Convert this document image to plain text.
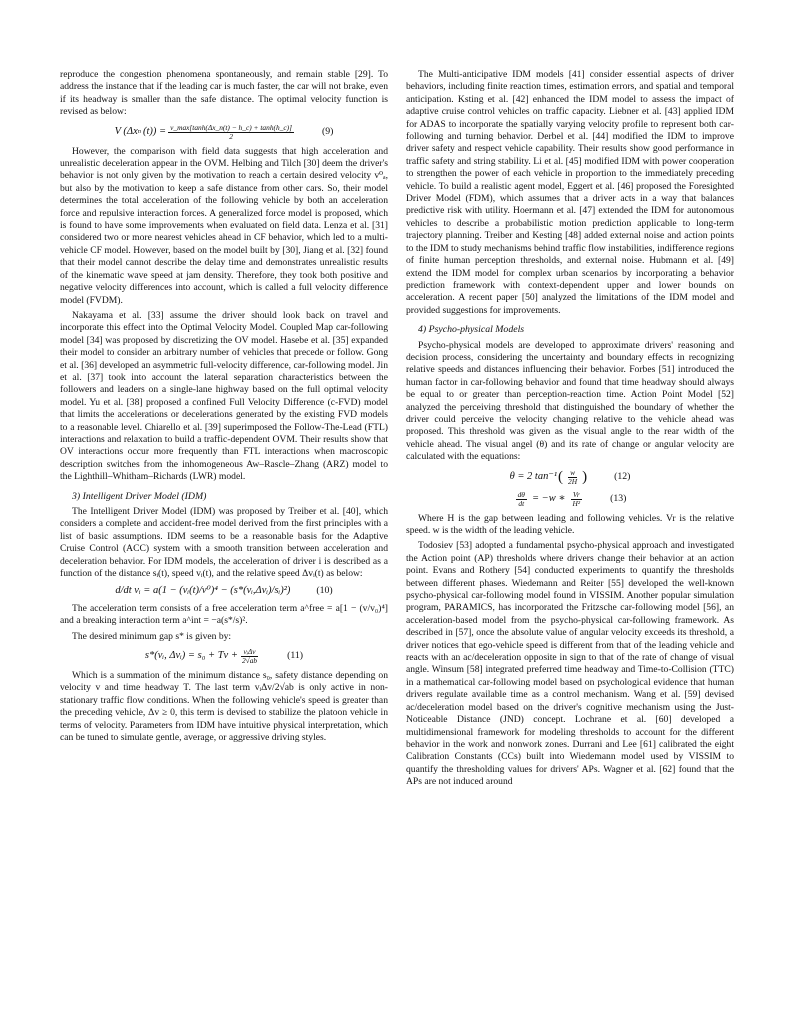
reproduce the congestion phenomena spontaneously, and remain stable [29]. To address the instance that if the leading car is much faster, the car will not brake, even if its headway is smaller than the safe distance. The optimal velocity function is revised as below:

V (Δx n $(t)) = \frac{v\_\max[\tanh(\Delta x\_n(t) - h\_c) + \tanh(h\_c)]}{2}$	(9)

However, the comparison with field data suggests that high acceleration and unrealistic deceleration appear in the OVM. Helbing and Tilch [30] deem the driver's behavior is not only given by the motivation to reach a certain desired velocity v⁰ₐ, but also by the motivation to keep a safe distance from other cars. So, their model determines the total acceleration of the following vehicle by both an acceleration force and repulsive interaction forces. A generalized force model is proposed, which is found to have some improvements when evaluated on field data. Lenza et al. [31] considered two or more nearest vehicles ahead in CF behavior, which led to a multi-vehicle CF model. However, based on the model built by [30], Jiang et al. [32] found that their model cannot describe the delay time and demonstrates unrealistic results of the kinematic wave speed at jam density. Therefore, they took both positive and negative velocity differences into account, which is called a full velocity difference model (FVDM).

Nakayama et al. [33] assume the driver should look back on travel and incorporate this effect into the Optimal Velocity Model. Coupled Map car-following model [34] was proposed by discretizing the OV model. Hasebe et al. [35] expanded their model to consider an arbitrary number of vehicles that precede or follow. Gong et al. [36] developed an asymmetric full-velocity difference, car-following model. Jin et al. [37] took into account the lateral separation characteristics between the followers and leaders on a single-lane highway based on the full optimal velocity model. Yu et al. [38] proposed a confined Full Velocity Difference (c-FVD) model that limits the accelerations or decelerations generated by the existing FVD models to a reasonable level. Chiarello et al. [39] superimposed the Follow-The-Lead (FTL) interactions and relaxation to build a traffic-dependent OVM. Their results show that OV interactions occur more frequently than FTL interactions when macroscopic description switches from the inhomogeneous Aw–Rascle–Zhang (ARZ) model to the Lighthill–Whitham–Richards (LWR) model.

3) Intelligent Driver Model (IDM)

The Intelligent Driver Model (IDM) was proposed by Treiber et al. [40], which considers a complete and accident-free model derived from the first principles with a list of basic assumptions. IDM seems to be a reasonable basis for the Adaptive Cruise Control (ACC) system with a smooth transition between acceleration and deceleration behavior. For IDM models, the acceleration of driver i is described as a function of the distance sᵢ(t), speed vᵢ(t), and the relative speed Δvᵢ(t) as below:

d/dt vᵢ = a(1 − (vᵢ(t)/v⁰)⁴ − (s*(vᵢ,Δvᵢ)/sᵢ)²)	(10)

The acceleration term consists of a free acceleration term a^free = a[1 − (v/v₀)⁴] and a breaking interaction term a^int = −a(s*/s)².

The desired minimum gap s* is given by:

s*(vᵢ, Δvᵢ) = $s_0 + Tv + \frac{\text{vᵢΔv}}{2√ab}$	(11)

Which is a summation of the minimum distance s₀, safety distance depending on velocity v and time headway T. The last term vᵢΔv/2√ab is only active in non-stationary traffic flow conditions. When the following vehicle's speed is greater than the preceding vehicle, Δv ≥ 0, this term is devised to stabilize the platoon vehicle in terms of velocity. Parameters from IDM have intuitive physical interpretation, which can be tuned to simulate gentle, average, or aggressive driving styles.

The Multi-anticipative IDM models [41] consider essential aspects of driver behaviors, including finite reaction times, estimation errors, and spatial and temporal anticipation. Ksting et al. [42] enhanced the IDM model to assess the impact of adaptive cruise control vehicles on traffic capacity. Liebner et al. [43] applied IDM for ADAS to incorporate the spatially varying velocity profile to represent both car-following and turning behavior. Derbel et al. [44] modified the IDM to improve driver safety and respect vehicle capability. Their results show good performance in traffic safety and string stability. Li et al. [45] modified IDM with power cooperation to strengthen the power of each vehicle in proportion to the immediately preceding vehicle. To build a realistic agent model, Eggert et al. [46] proposed the Foresighted Driver Model (FDM), which assumes that a driver acts in a way that balances predictive risk with utility. Hoermann et al. [47] extended the IDM for autonomous vehicles to describe a probabilistic motion prediction applicable to long-term trajectory planning. Treiber and Kesting [48] added external noise and action points to the IDM to study mechanisms behind traffic flow instabilities, indifference regions of finite human perception thresholds, and external noise. Hubmann et al. [49] extend the IDM model for complex urban scenarios by incorporating a behavior prediction framework with context-dependent upper and lower bounds on acceleration. A recent paper [50] analyzed the limitations of the IDM model and provided suggestions for improvements.

4) Psycho-physical Models

Psycho-physical models are developed to approximate drivers' reasoning and decision process, considering the uncertainty and boundary effects in recognizing relative speeds and distances influencing their behavior. Forbes [51] introduced the human factor in car-following behavior and found that time headway should always be equal to or greater than perception-reaction time. Action Point Model [52] analyzed the perceiving threshold that distinguished the boundary of whether the driver could perceive the velocity changing relative to the vehicle ahead was proposed. This threshold was given as the visual angle to the rear width of the vehicle ahead. The visual angel (θ) and its rate of change or angular velocity are calculated with the equations:

θ = 2 tan⁻¹ ( $\frac{w}{2H}$ )	(12)
$\frac{d\theta}{dt} = -w$ ∗ $\frac{Vr}{\text{H²}}$	(13)

Where H is the gap between leading and following vehicles. Vr is the relative speed. w is the width of the leading vehicle.

Todosiev [53] adopted a fundamental psycho-physical approach and investigated the Action point (AP) thresholds where drivers change their behavior at an action point. Evans and Rothery [54] conducted experiments to quantify the thresholds between different phases. Wiedemann and Reiter [55] developed the well-known psycho-physical car-following model found in VISSIM. Another popular simulation program, PARAMICS, has incorporated the Fritzsche car-following model [56], an acceleration-based model from the psycho-physical car-following framework. As described in [57], once the absolute value of angular velocity exceeds its threshold, a driver notices that ego-vehicle speed is different from that of the leading vehicle and reacts with an ac/deceleration opposite in sign to that of the rate of change of visual angle. Winsum [58] integrated preferred time headway and Time-to-Collision (TTC) in a mathematical car-following model based on psychological evidence that human drivers regulate available time as a control mechanism. Wang et al. [59] devised ac/deceleration model based on the driver's cognitive mechanism using the Just-Noticeable Distance (JND) concept. Lochrane et al. [60] developed a multidimensional framework for modeling thresholds to account for the different behavior in the work and nonwork zones. Durrani and Lee [61] calibrated the eight Calibration Constants (CCs) built into Wiedemann model used by VISSIM to quantify the thresholding values for drivers' APs. Wagner et al. [62] found that the APs are not induced around
